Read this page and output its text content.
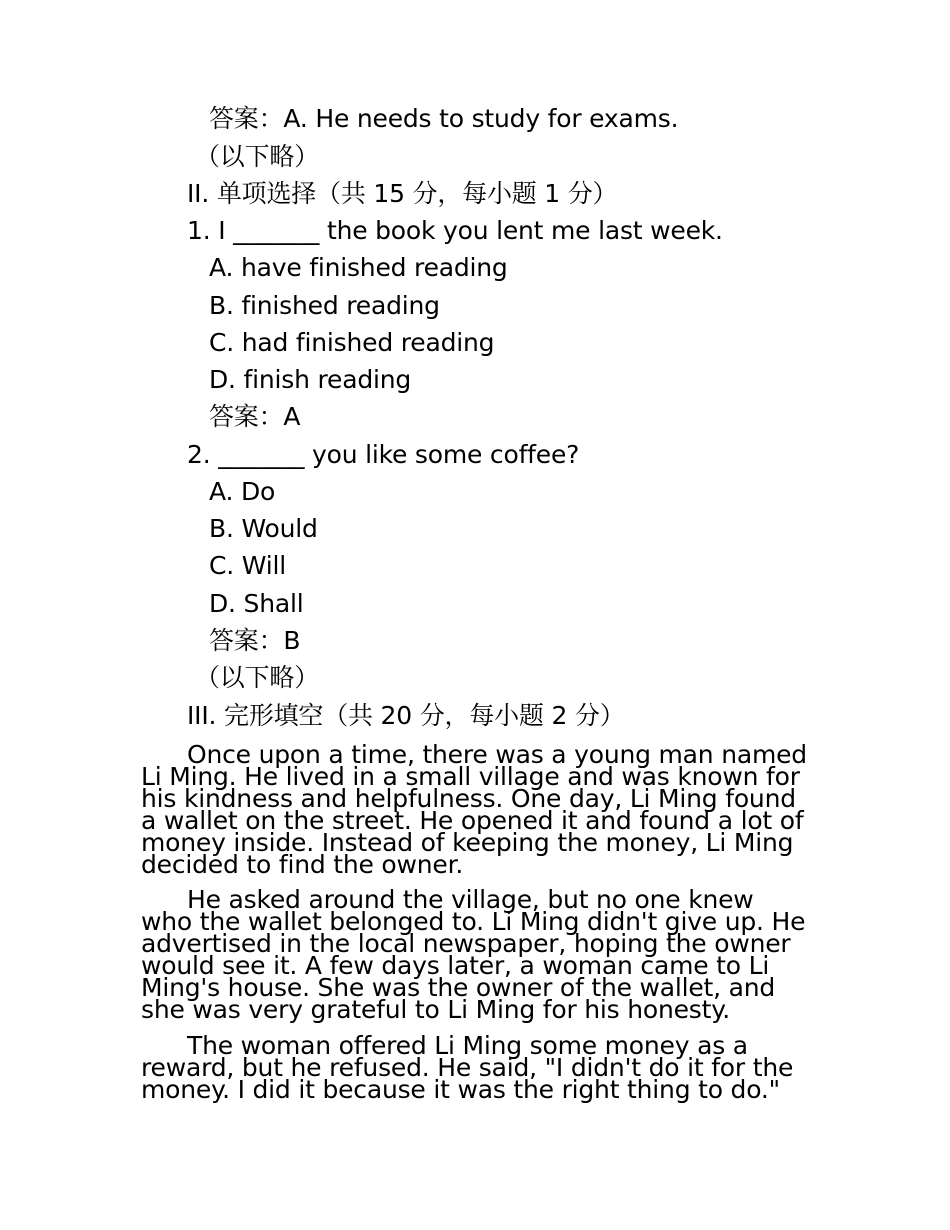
答案：A. He needs to study for exams.
（以下略）
II. 单项选择（共 15 分，每小题 1 分）
1. I _______ the book you lent me last week.
A. have finished reading
B. finished reading
C. had finished reading
D. finish reading
答案：A
2. _______ you like some coffee?
A. Do
B. Would
C. Will
D. Shall
答案：B
（以下略）
III. 完形填空（共 20 分，每小题 2 分）

Once upon a time, there was a young man named Li Ming. He lived in a small village and was known for his kindness and helpfulness. One day, Li Ming found a wallet on the street. He opened it and found a lot of money inside. Instead of keeping the money, Li Ming decided to find the owner.

He asked around the village, but no one knew who the wallet belonged to. Li Ming didn't give up. He advertised in the local newspaper, hoping the owner would see it. A few days later, a woman came to Li Ming's house. She was the owner of the wallet, and she was very grateful to Li Ming for his honesty.

The woman offered Li Ming some money as a reward, but he refused. He said, "I didn't do it for the money. I did it because it was the right thing to do."
